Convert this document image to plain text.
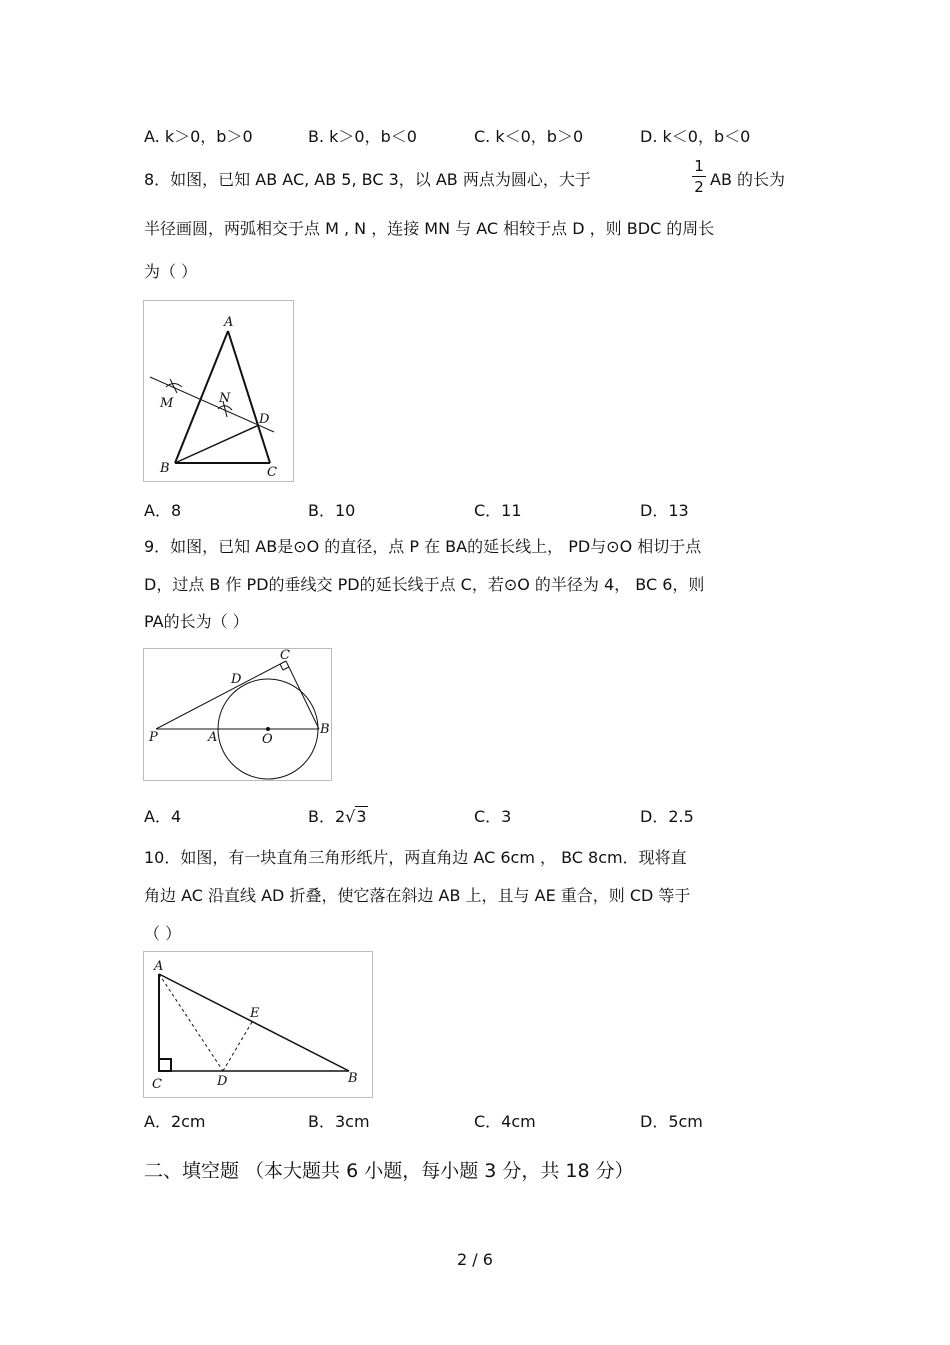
A. k＞0，b＞0	B. k＞0，b＜0	C. k＜0，b＞0	D. k＜0，b＜0
8．如图，已知 AB AC, AB 5, BC 3，以 AB 两点为圆心，大于
1
2 AB 的长为
半径画圆，两弧相交于点 M , N ，连接 MN 与 AC 相较于点 D ，则 BDC 的周长
为（ ）
A
B	C
D
M	N
A．8	B．10	C．11	D．13
9．如图，已知 AB是⊙O 的直径，点 P 在 BA的延长线上， PD与⊙O 相切于点
D，过点 B 作 PD的垂线交 PD的延长线于点 C，若⊙O 的半径为 4， BC 6，则
PA的长为（ ）
P	A	O
B
C
D
A．4	B．2√3	C．3	D．2.5
10．如图，有一块直角三角形纸片，两直角边 AC 6cm ， BC 8cm．现将直
角边 AC 沿直线 AD 折叠，使它落在斜边 AB 上，且与 AE 重合，则 CD 等于
（ ）
A
C	D
E
B
A．2cm	B．3cm	C．4cm	D．5cm
二、填空题 （本大题共 6 小题，每小题 3 分，共 18 分）
2 / 6
